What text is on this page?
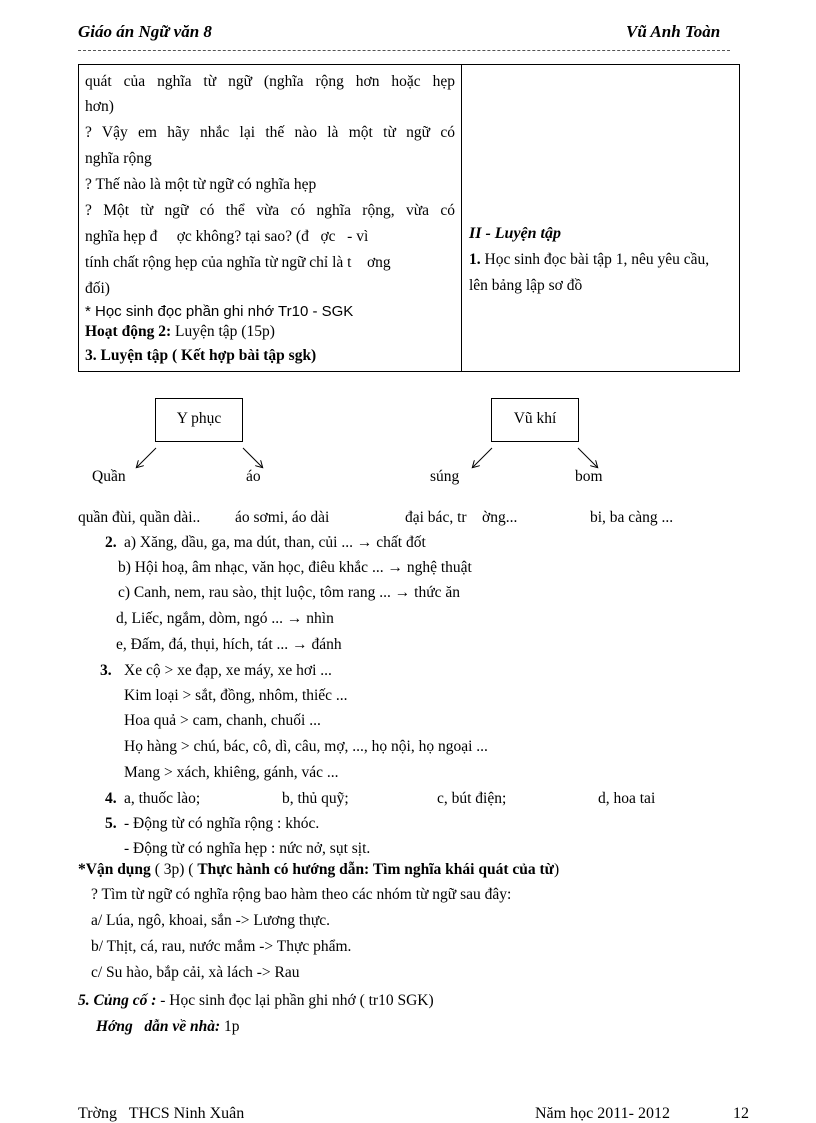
Giáo án Ngữ văn 8	Vũ Anh Toàn
quát của nghĩa từ ngữ (nghĩa rộng hơn hoặc hẹp
hơn)
? Vậy em hãy nhắc lại thế nào là một từ ngữ có
nghĩa rộng
? Thế nào là một từ ngữ có nghĩa hẹp
? Một từ ngữ có thể vừa có nghĩa rộng, vừa có
nghĩa hẹp đ     ợc không? tại sao? (đ   ợc   - vì
tính chất rộng hẹp của nghĩa từ ngữ chỉ là t    ơng
đối)
* Học sinh đọc phần ghi nhớ Tr10 - SGK
Hoạt động 2: Luyện tập (15p)
3. Luyện tập ( Kết hợp bài tập sgk)
II - Luyện tập
1. Học sinh đọc bài tập 1, nêu yêu cầu, lên bảng lập sơ đồ
Y phục	Vũ khí
Quần	áo	súng	bom
quần đùi, quần dài.. áo sơmi, áo dài	đại bác, tr    ờng...	bi, ba càng ...
2. a) Xăng, dầu, ga, ma dút, than, củi ... → chất đốt
b) Hội hoạ, âm nhạc, văn học, điêu khắc ... → nghệ thuật
c) Canh, nem, rau sào, thịt luộc, tôm rang ... → thức ăn
d, Liếc, ngắm, dòm, ngó ... → nhìn
e, Đấm, đá, thụi, hích, tát ... → đánh
3. Xe cộ > xe đạp, xe máy, xe hơi ...
Kim loại > sắt, đồng, nhôm, thiếc ...
Hoa quả > cam, chanh, chuối ...
Họ hàng > chú, bác, cô, dì, câu, mợ, ..., họ nội, họ ngoại ...
Mang > xách, khiêng, gánh, vác ...
4. a, thuốc lào;	b, thủ quỹ;	c, bút điện;	d, hoa tai
5. - Động từ có nghĩa rộng : khóc.
- Động từ có nghĩa hẹp : nức nở, sụt sịt.
*Vận dụng ( 3p) ( Thực hành có hướng dẫn: Tìm nghĩa khái quát của từ)
? Tìm từ ngữ có nghĩa rộng bao hàm theo các nhóm từ ngữ sau đây:
a/ Lúa, ngô, khoai, sắn -> Lương thực.
b/ Thịt, cá, rau, nước mắm -> Thực phẩm.
c/ Su hào, bắp cải, xà lách -> Rau
5. Củng cố : - Học sinh đọc lại phần ghi nhớ ( tr10 SGK)
Hớng   dẫn về nhà: 1p
Trờng   THCS Ninh Xuân	Năm học 2011- 2012	12
